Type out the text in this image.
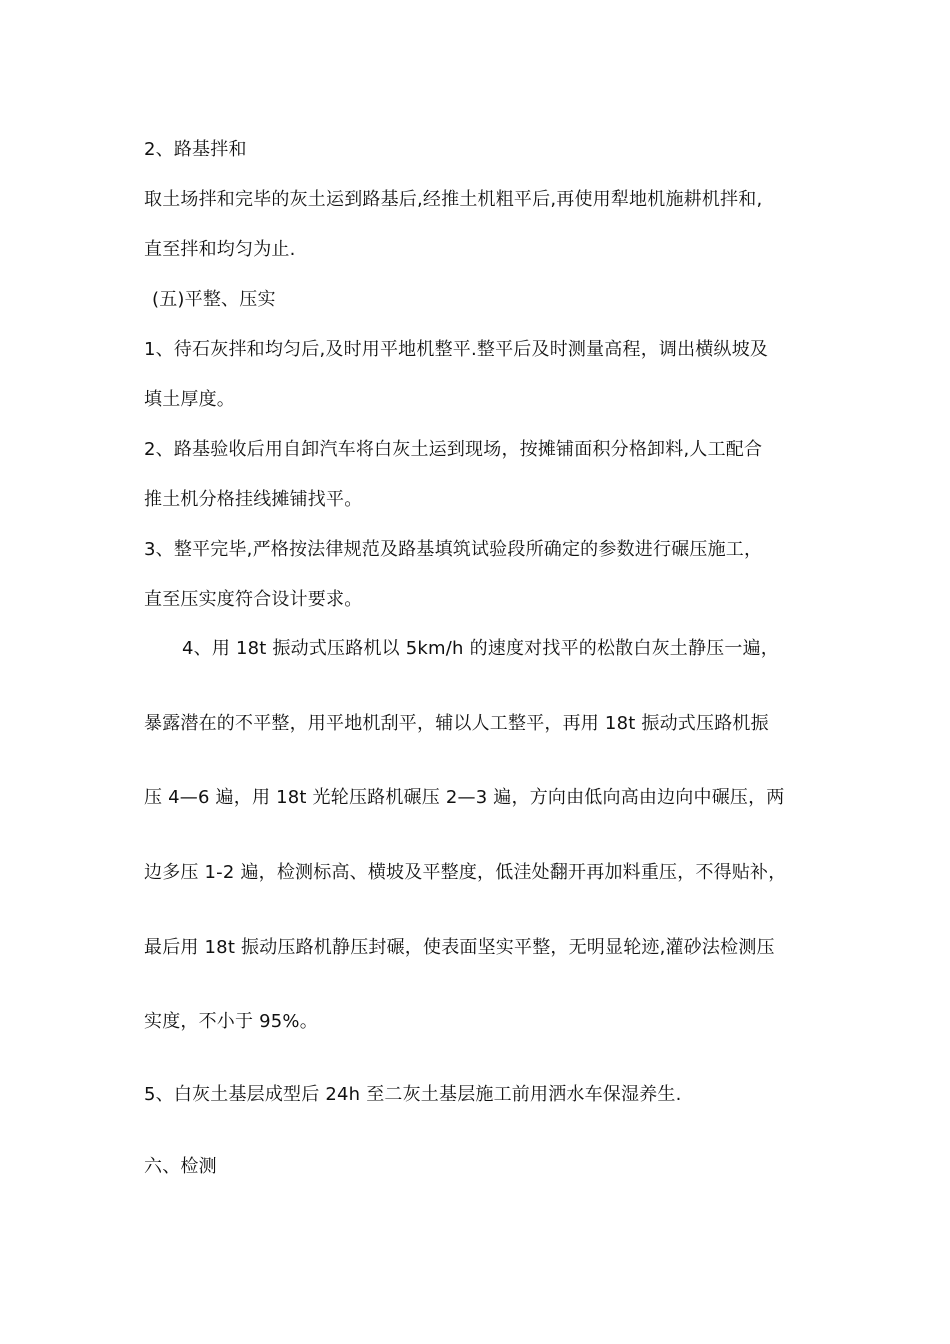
2、路基拌和
取土场拌和完毕的灰土运到路基后,经推土机粗平后,再使用犁地机施耕机拌和,
直至拌和均匀为止.
(五)平整、压实
1、待石灰拌和均匀后,及时用平地机整平.整平后及时测量高程，调出横纵坡及
填土厚度。
2、路基验收后用自卸汽车将白灰土运到现场，按摊铺面积分格卸料,人工配合
推土机分格挂线摊铺找平。
3、整平完毕,严格按法律规范及路基填筑试验段所确定的参数进行碾压施工，
直至压实度符合设计要求。
4、用 18t 振动式压路机以 5km/h 的速度对找平的松散白灰土静压一遍，
暴露潜在的不平整，用平地机刮平，辅以人工整平，再用 18t 振动式压路机振
压 4—6 遍，用 18t 光轮压路机碾压 2—3 遍，方向由低向高由边向中碾压，两
边多压 1-2 遍，检测标高、横坡及平整度，低洼处翻开再加料重压，不得贴补，
最后用 18t 振动压路机静压封碾，使表面坚实平整，无明显轮迹,灌砂法检测压
实度，不小于 95%。
5、白灰土基层成型后 24h 至二灰土基层施工前用洒水车保湿养生.
六、检测
